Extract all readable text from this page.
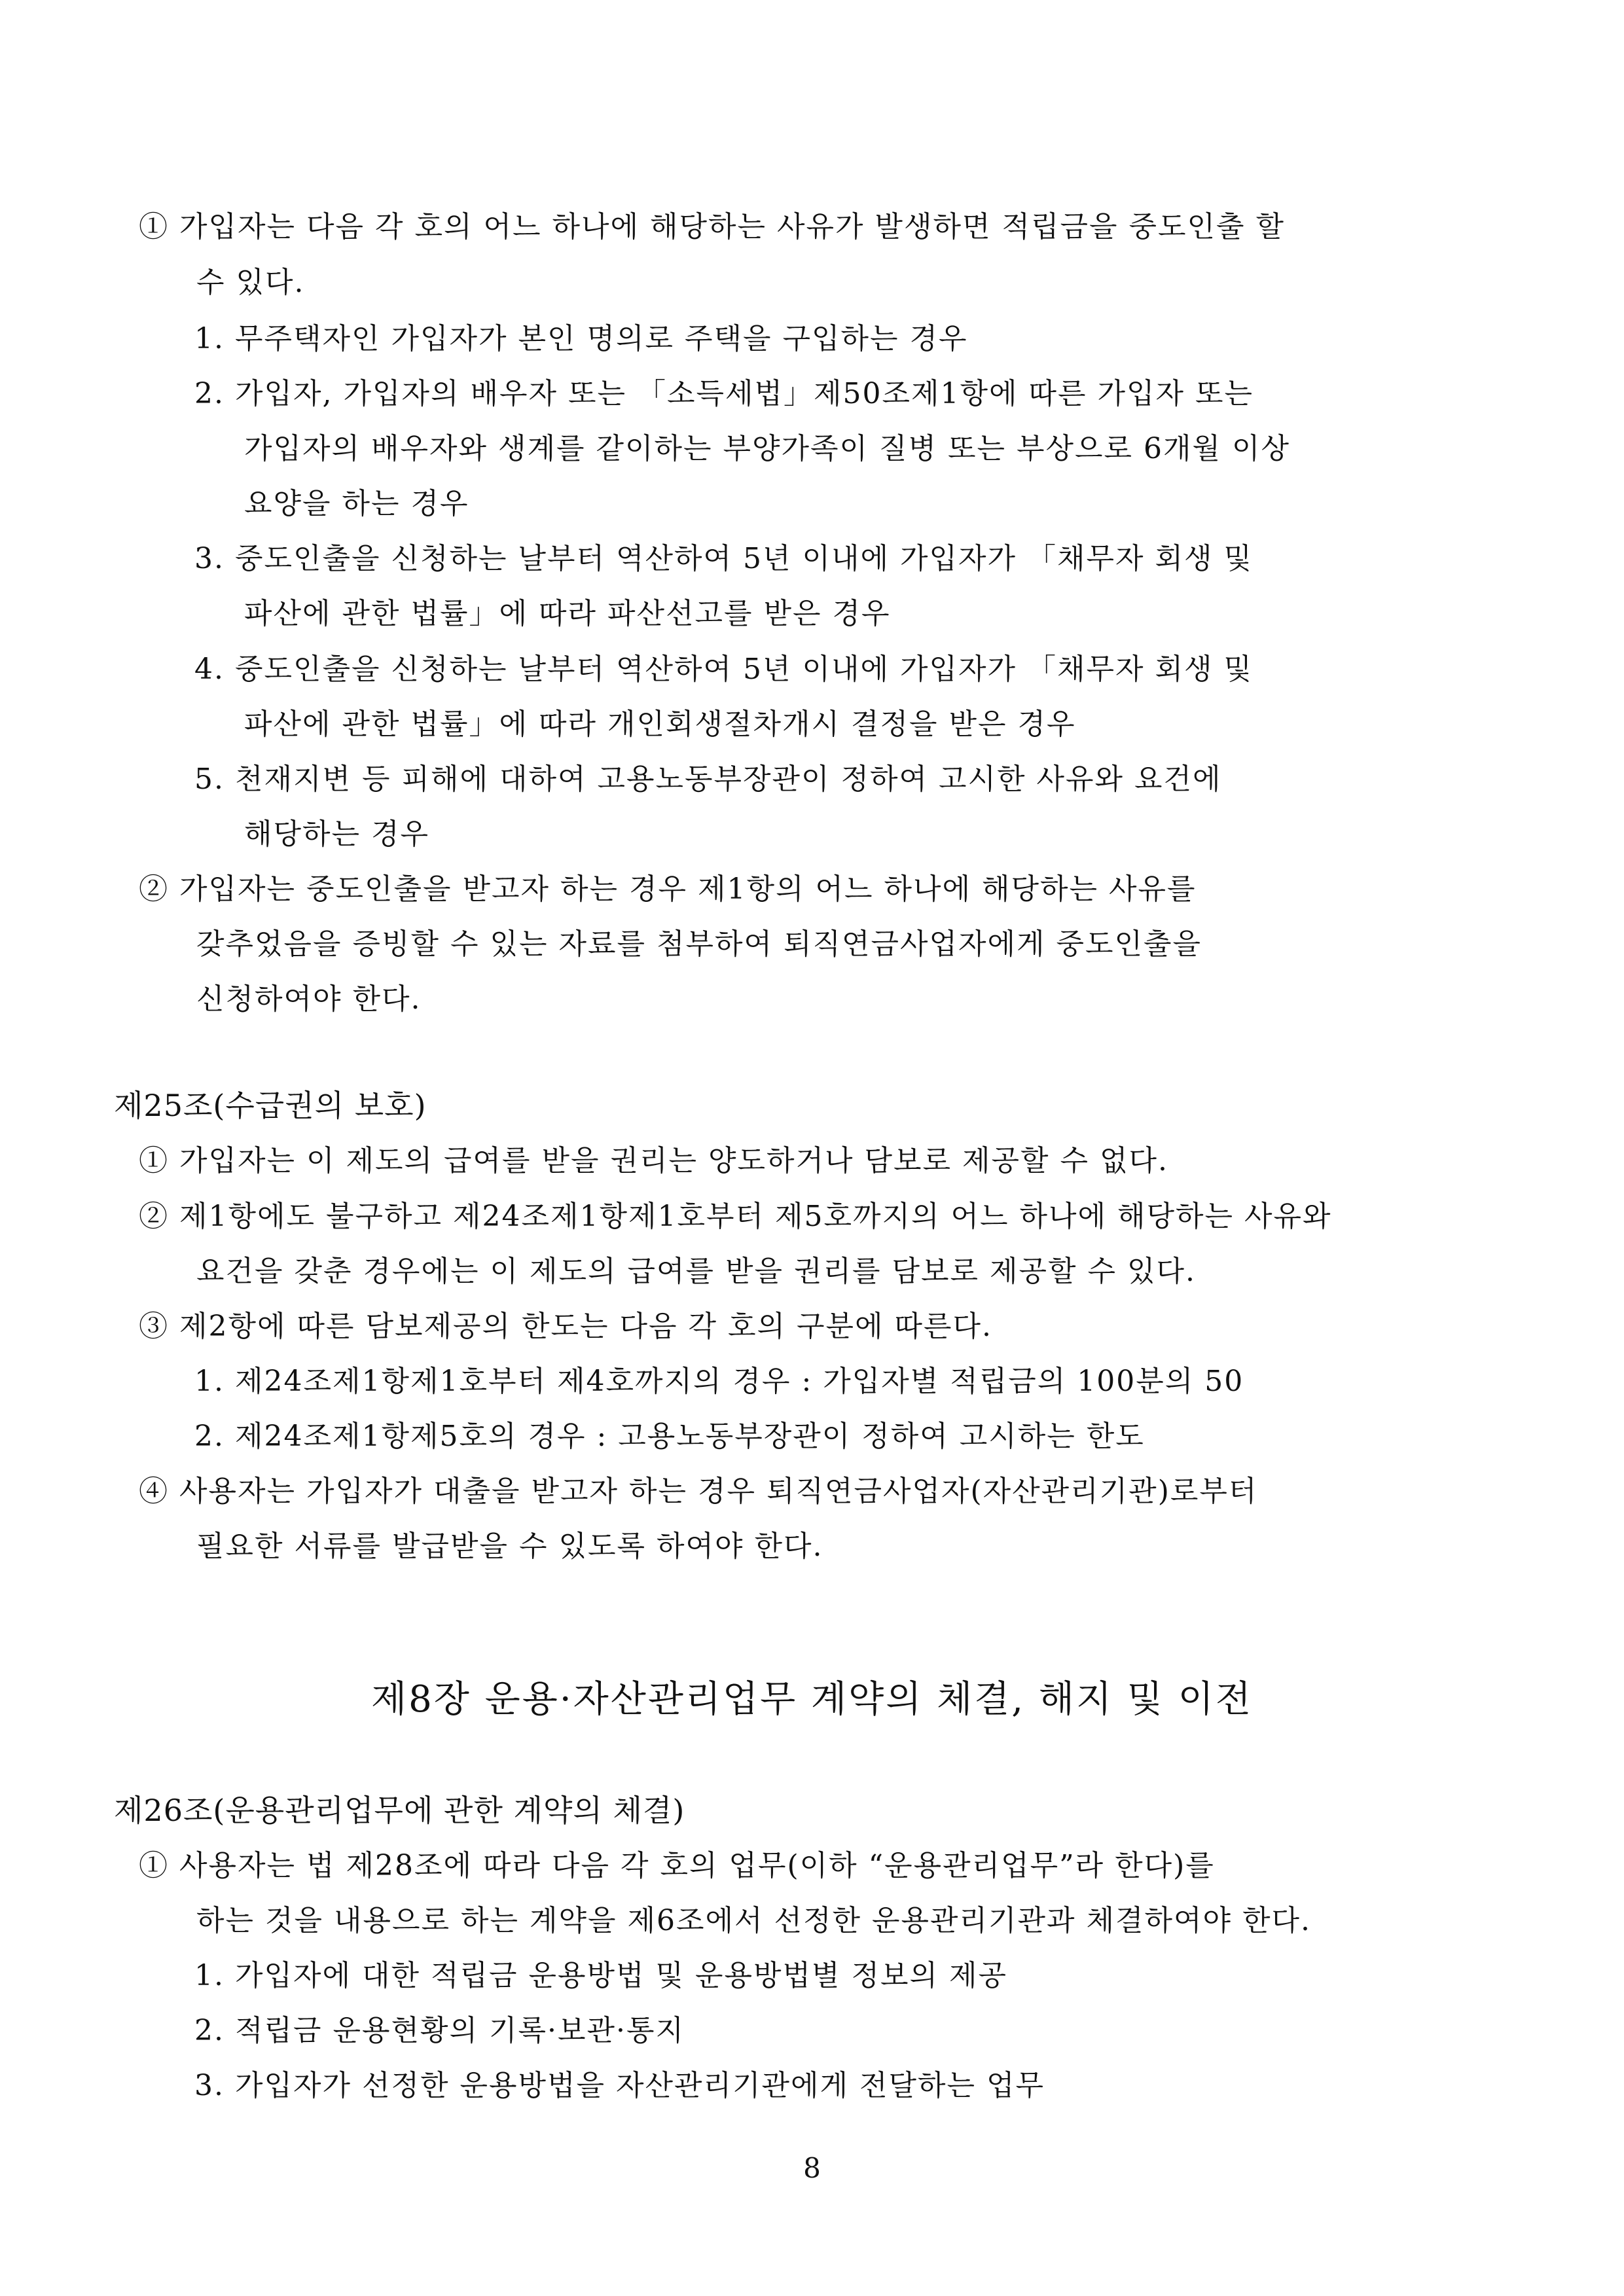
① 가입자는 다음 각 호의 어느 하나에 해당하는 사유가 발생하면 적립금을 중도인출 할
수 있다.
1. 무주택자인 가입자가 본인 명의로 주택을 구입하는 경우
2. 가입자, 가입자의 배우자 또는 「소득세법」제50조제1항에 따른 가입자 또는
가입자의 배우자와 생계를 같이하는 부양가족이 질병 또는 부상으로 6개월 이상
요양을 하는 경우
3. 중도인출을 신청하는 날부터 역산하여 5년 이내에 가입자가 「채무자 회생 및
파산에 관한 법률」에 따라 파산선고를 받은 경우
4. 중도인출을 신청하는 날부터 역산하여 5년 이내에 가입자가 「채무자 회생 및
파산에 관한 법률」에 따라 개인회생절차개시 결정을 받은 경우
5. 천재지변 등 피해에 대하여 고용노동부장관이 정하여 고시한 사유와 요건에
해당하는 경우
② 가입자는 중도인출을 받고자 하는 경우 제1항의 어느 하나에 해당하는 사유를
갖추었음을 증빙할 수 있는 자료를 첨부하여 퇴직연금사업자에게 중도인출을
신청하여야 한다.
제25조(수급권의 보호)
① 가입자는 이 제도의 급여를 받을 권리는 양도하거나 담보로 제공할 수 없다.
② 제1항에도 불구하고 제24조제1항제1호부터 제5호까지의 어느 하나에 해당하는 사유와
요건을 갖춘 경우에는 이 제도의 급여를 받을 권리를 담보로 제공할 수 있다.
③ 제2항에 따른 담보제공의 한도는 다음 각 호의 구분에 따른다.
1. 제24조제1항제1호부터 제4호까지의 경우 : 가입자별 적립금의 100분의 50
2. 제24조제1항제5호의 경우 : 고용노동부장관이 정하여 고시하는 한도
④ 사용자는 가입자가 대출을 받고자 하는 경우 퇴직연금사업자(자산관리기관)로부터
필요한 서류를 발급받을 수 있도록 하여야 한다.
제8장 운용·자산관리업무 계약의 체결, 해지 및 이전
제26조(운용관리업무에 관한 계약의 체결)
① 사용자는 법 제28조에 따라 다음 각 호의 업무(이하 “운용관리업무”라 한다)를
하는 것을 내용으로 하는 계약을 제6조에서 선정한 운용관리기관과 체결하여야 한다.
1. 가입자에 대한 적립금 운용방법 및 운용방법별 정보의 제공
2. 적립금 운용현황의 기록·보관·통지
3. 가입자가 선정한 운용방법을 자산관리기관에게 전달하는 업무
8
